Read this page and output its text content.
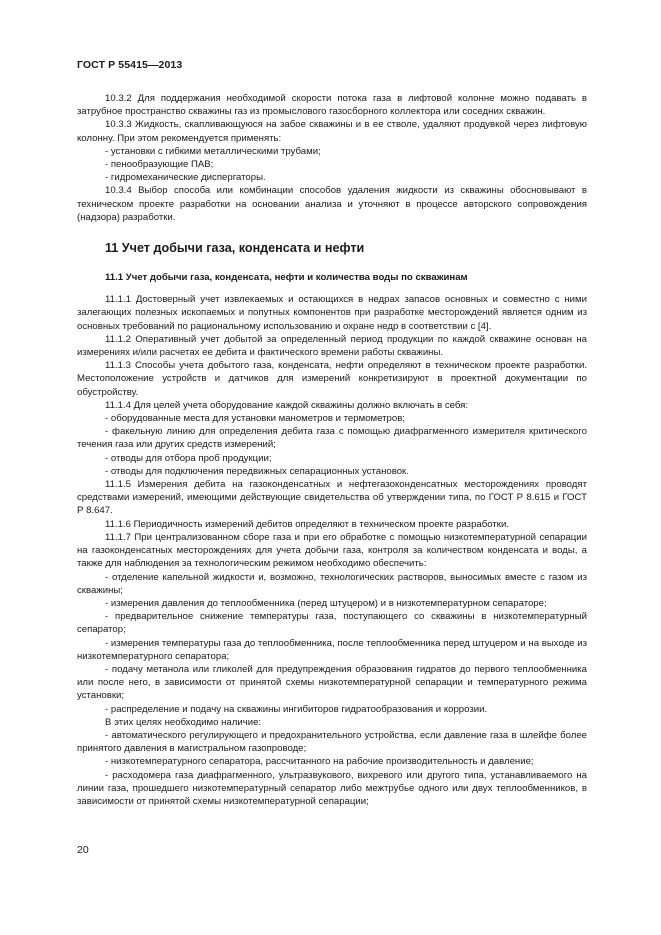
ГОСТ Р 55415—2013

10.3.2 Для поддержания необходимой скорости потока газа в лифтовой колонне можно подавать в затрубное пространство скважины газ из промыслового газосборного коллектора или соседних скважин.

10.3.3 Жидкость, скапливающуюся на забое скважины и в ее стволе, удаляют продувкой через лифтовую колонну. При этом рекомендуется применять:

- установки с гибкими металлическими трубами;

- пенообразующие ПАВ;

- гидромеханические диспергаторы.

10.3.4 Выбор способа или комбинации способов удаления жидкости из скважины обосновывают в техническом проекте разработки на основании анализа и уточняют в процессе авторского сопровождения (надзора) разработки.

11 Учет добычи газа, конденсата и нефти

11.1 Учет добычи газа, конденсата, нефти и количества воды по скважинам

11.1.1 Достоверный учет извлекаемых и остающихся в недрах запасов основных и совместно с ними залегающих полезных ископаемых и попутных компонентов при разработке месторождений является одним из основных требований по рациональному использованию и охране недр в соответствии с [4].

11.1.2 Оперативный учет добытой за определенный период продукции по каждой скважине основан на измерениях и/или расчетах ее дебита и фактического времени работы скважины.

11.1.3 Способы учета добытого газа, конденсата, нефти определяют в техническом проекте разработки. Местоположение устройств и датчиков для измерений конкретизируют в проектной документации по обустройству.

11.1.4 Для целей учета оборудование каждой скважины должно включать в себя:

- оборудованные места для установки манометров и термометров;

- факельную линию для определения дебита газа с помощью диафрагменного измерителя критического течения газа или других средств измерений;

- отводы для отбора проб продукции;

- отводы для подключения передвижных сепарационных установок.

11.1.5 Измерения дебита на газоконденсатных и нефтегазоконденсатных месторождениях проводят средствами измерений, имеющими действующие свидетельства об утверждении типа, по ГОСТ Р 8.615 и ГОСТ Р 8.647.

11.1.6 Периодичность измерений дебитов определяют в техническом проекте разработки.

11.1.7 При централизованном сборе газа и при его обработке с помощью низкотемпературной сепарации на газоконденсатных месторождениях для учета добычи газа, контроля за количеством конденсата и воды, а также для наблюдения за технологическим режимом необходимо обеспечить:

- отделение капельной жидкости и, возможно, технологических растворов, выносимых вместе с газом из скважины;

- измерения давления до теплообменника (перед штуцером) и в низкотемпературном сепараторе;

- предварительное снижение температуры газа, поступающего со скважины в низкотемпературный сепаратор;

- измерения температуры газа до теплообменника, после теплообменника перед штуцером и на выходе из низкотемпературного сепаратора;

- подачу метанола или гликолей для предупреждения образования гидратов до первого теплообменника или после него, в зависимости от принятой схемы низкотемпературной сепарации и температурного режима установки;

- распределение и подачу на скважины ингибиторов гидратообразования и коррозии.

В этих целях необходимо наличие:

- автоматического регулирующего и предохранительного устройства, если давление газа в шлейфе более принятого давления в магистральном газопроводе;

- низкотемпературного сепаратора, рассчитанного на рабочие производительность и давление;

- расходомера газа диафрагменного, ультразвукового, вихревого или другого типа, устанавливаемого на линии газа, прошедшего низкотемпературный сепаратор либо межтрубье одного или двух теплообменников, в зависимости от принятой схемы низкотемпературной сепарации;

20
